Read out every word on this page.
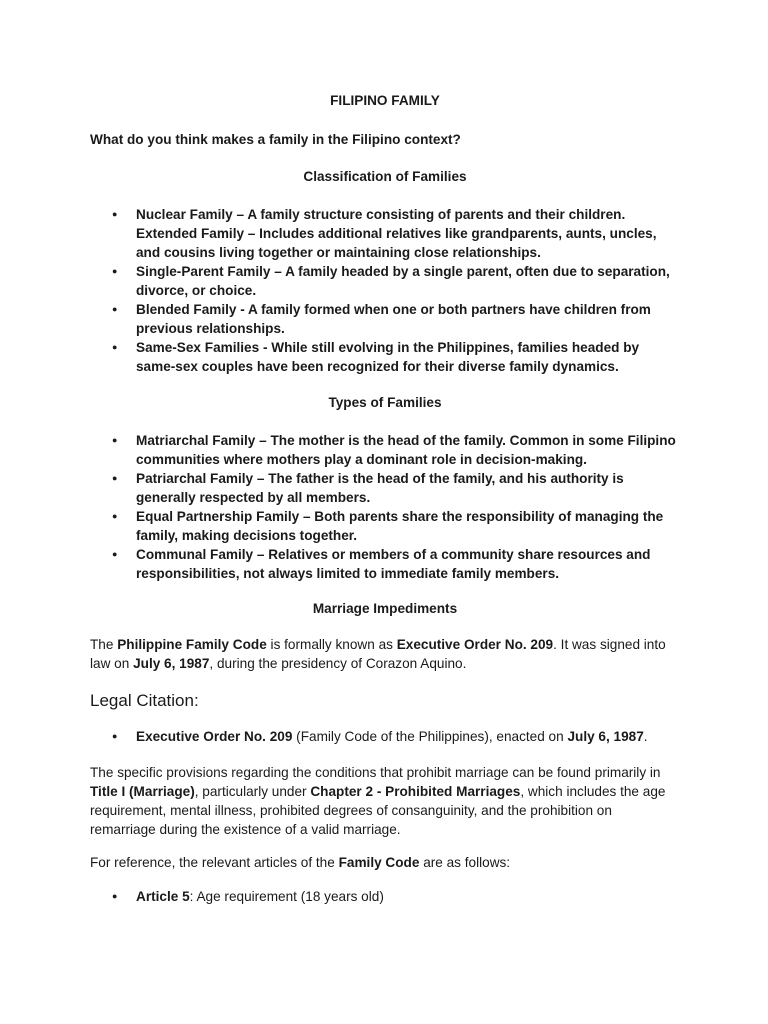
FILIPINO FAMILY

What do you think makes a family in the Filipino context?

Classification of Families

● Nuclear Family – A family structure consisting of parents and their children. Extended Family – Includes additional relatives like grandparents, aunts, uncles, and cousins living together or maintaining close relationships.
● Single-Parent Family – A family headed by a single parent, often due to separation, divorce, or choice.
● Blended Family - A family formed when one or both partners have children from previous relationships.
● Same-Sex Families - While still evolving in the Philippines, families headed by same-sex couples have been recognized for their diverse family dynamics.

Types of Families

● Matriarchal Family – The mother is the head of the family. Common in some Filipino communities where mothers play a dominant role in decision-making.
● Patriarchal Family – The father is the head of the family, and his authority is generally respected by all members.
● Equal Partnership Family – Both parents share the responsibility of managing the family, making decisions together.
● Communal Family – Relatives or members of a community share resources and responsibilities, not always limited to immediate family members.

Marriage Impediments

The Philippine Family Code is formally known as Executive Order No. 209. It was signed into law on July 6, 1987, during the presidency of Corazon Aquino.

Legal Citation:

● Executive Order No. 209 (Family Code of the Philippines), enacted on July 6, 1987.

The specific provisions regarding the conditions that prohibit marriage can be found primarily in Title I (Marriage), particularly under Chapter 2 - Prohibited Marriages, which includes the age requirement, mental illness, prohibited degrees of consanguinity, and the prohibition on remarriage during the existence of a valid marriage.

For reference, the relevant articles of the Family Code are as follows:

● Article 5: Age requirement (18 years old)
